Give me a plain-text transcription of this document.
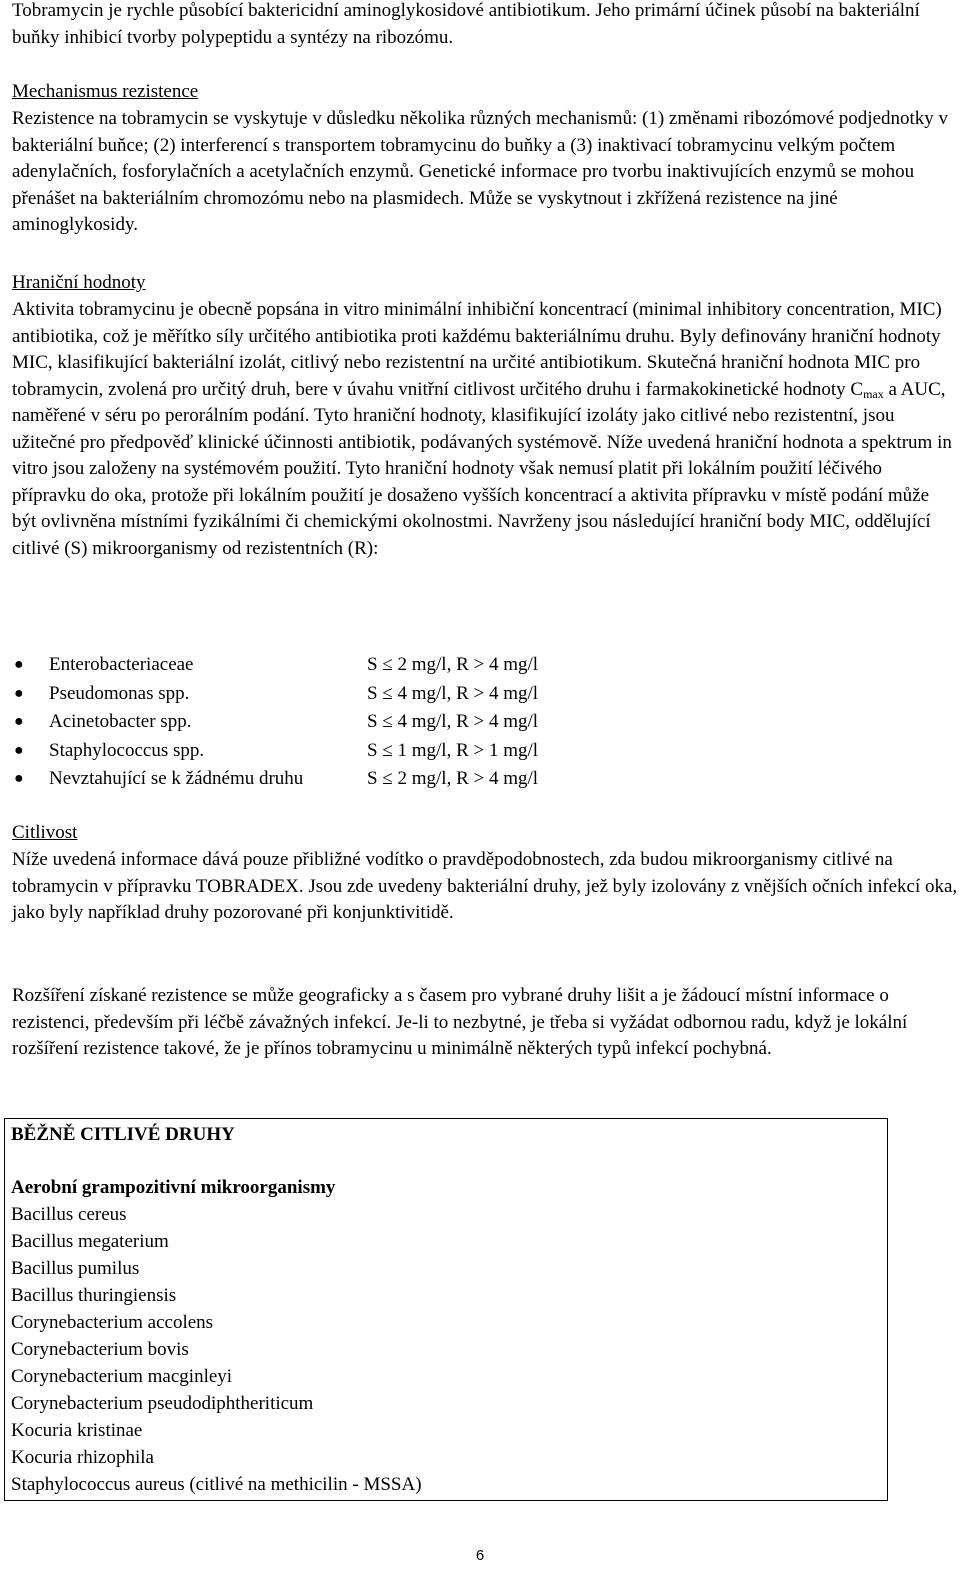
Tobramycin je rychle působící baktericidní aminoglykosidové antibiotikum. Jeho primární účinek působí na bakteriální buňky inhibicí tvorby polypeptidu a syntézy na ribozómu.

Mechanismus rezistence

Rezistence na tobramycin se vyskytuje v důsledku několika různých mechanismů: (1) změnami ribozómové podjednotky v bakteriální buňce; (2) interferencí s transportem tobramycinu do buňky a (3) inaktivací tobramycinu velkým počtem adenylačních, fosforylačních a acetylačních enzymů. Genetické informace pro tvorbu inaktivujících enzymů se mohou přenášet na bakteriálním chromozómu nebo na plasmidech. Může se vyskytnout i zkřížená rezistence na jiné aminoglykosidy.

Hraniční hodnoty

Aktivita tobramycinu je obecně popsána in vitro minimální inhibiční koncentrací (minimal inhibitory concentration, MIC) antibiotika, což je měřítko síly určitého antibiotika proti každému bakteriálnímu druhu. Byly definovány hraniční hodnoty MIC, klasifikující bakteriální izolát, citlivý nebo rezistentní na určité antibiotikum. Skutečná hraniční hodnota MIC pro tobramycin, zvolená pro určitý druh, bere v úvahu vnitřní citlivost určitého druhu i farmakokinetické hodnoty $C_{max}$ a AUC, naměřené v séru po perorálním podání. Tyto hraniční hodnoty, klasifikující izoláty jako citlivé nebo rezistentní, jsou užitečné pro předpověď klinické účinnosti antibiotik, podávaných systémově. Níže uvedená hraniční hodnota a spektrum in vitro jsou založeny na systémovém použití. Tyto hraniční hodnoty však nemusí platit při lokálním použití léčivého přípravku do oka, protože při lokálním použití je dosaženo vyšších koncentrací a aktivita přípravku v místě podání může být ovlivněna místními fyzikálními či chemickými okolnostmi. Navrženy jsou následující hraniční body MIC, oddělující citlivé (S) mikroorganismy od rezistentních (R):

● Enterobacteriaceae	S ≤ 2 mg/l, R > 4 mg/l
● Pseudomonas spp.	S ≤ 4 mg/l, R > 4 mg/l
● Acinetobacter spp.	S ≤ 4 mg/l, R > 4 mg/l
● Staphylococcus spp.	S ≤ 1 mg/l, R > 1 mg/l
● Nevztahující se k žádnému druhu	S ≤ 2 mg/l, R > 4 mg/l

Citlivost

Níže uvedená informace dává pouze přibližné vodítko o pravděpodobnostech, zda budou mikroorganismy citlivé na tobramycin v přípravku TOBRADEX. Jsou zde uvedeny bakteriální druhy, jež byly izolovány z vnějších očních infekcí oka, jako byly například druhy pozorované při konjunktivitidě.

Rozšíření získané rezistence se může geograficky a s časem pro vybrané druhy lišit a je žádoucí místní informace o rezistenci, především při léčbě závažných infekcí. Je-li to nezbytné, je třeba si vyžádat odbornou radu, když je lokální rozšíření rezistence takové, že je přínos tobramycinu u minimálně některých typů infekcí pochybná.

BĚŽNĚ CITLIVÉ DRUHY

Aerobní grampozitivní mikroorganismy

Bacillus cereus

Bacillus megaterium

Bacillus pumilus

Bacillus thuringiensis

Corynebacterium accolens

Corynebacterium bovis

Corynebacterium macginleyi

Corynebacterium pseudodiphtheriticum

Kocuria kristinae

Kocuria rhizophila

Staphylococcus aureus (citlivé na methicilin - MSSA)

6
